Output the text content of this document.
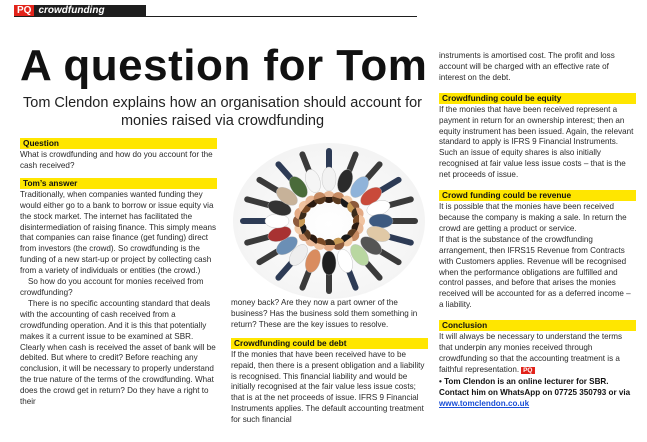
PQ crowdfunding
A question for Tom
Tom Clendon explains how an organisation should account for monies raised via crowdfunding
Question

What is crowdfunding and how do you account for the cash received?

Tom’s answer

Traditionally, when companies wanted funding they would either go to a bank to borrow or issue equity via the stock market. The internet has facilitated the disintermediation of raising finance. This simply means that companies can raise finance (get funding) direct from investors (the crowd). So crowdfunding is the funding of a new start-up or project by collecting cash from a variety of individuals or entities (the crowd.)

So how do you account for monies received from crowdfunding?

There is no specific accounting standard that deals with the accounting of cash received from a crowdfunding operation. And it is this that potentially makes it a current issue to be examined at SBR. Clearly when cash is received the asset of bank will be debited. But where to credit? Before reaching any conclusion, it will be necessary to properly understand the true nature of the terms of the crowdfunding. What does the crowd get in return? Do they have a right to their

money back? Are they now a part owner of the business? Has the business sold them something in return? These are the key issues to resolve.

Crowdfunding could be debt

If the monies that have been received have to be repaid, then there is a present obligation and a liability is recognised. This financial liability and would be initially recognised at the fair value less issue costs; that is at the net proceeds of issue. IFRS 9 Financial Instruments applies. The default accounting treatment for such financial

instruments is amortised cost. The profit and loss account will be charged with an effective rate of interest on the debt.

Crowdfunding could be equity

If the monies that have been received represent a payment in return for an ownership interest; then an equity instrument has been issued. Again, the relevant standard to apply is IFRS 9 Financial Instruments. Such an issue of equity shares is also initially recognised at fair value less issue costs – that is the net proceeds of issue.

Crowd funding could be revenue

It is possible that the monies have been received because the company is making a sale. In return the crowd are getting a product or service.

If that is the substance of the crowdfunding arrangement, then IFRS15 Revenue from Contracts with Customers applies. Revenue will be recognised when the performance obligations are fulfilled and control passes, and before that arises the monies received will be accounted for as a deferred income – a liability.

Conclusion

It will always be necessary to understand the terms that underpin any monies received through crowdfunding so that the accounting treatment is a faithful representation. PQ

• Tom Clendon is an online lecturer for SBR. Contact him on WhatsApp on 07725 350793 or via www.tomclendon.co.uk
